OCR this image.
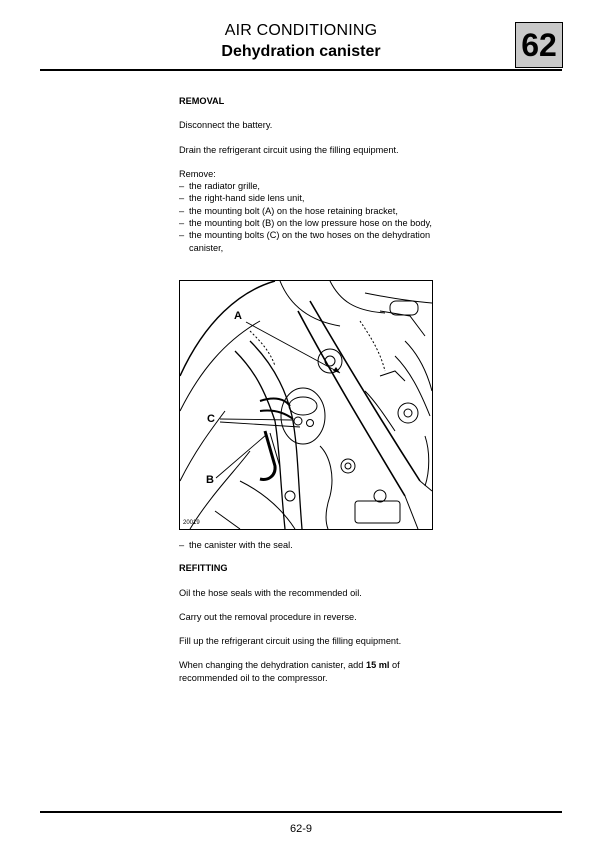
AIR CONDITIONING
Dehydration canister	62

REMOVAL

Disconnect the battery.

Drain the refrigerant circuit using the filling equipment.

Remove:

– the radiator grille,
– the right-hand side lens unit,
– the mounting bolt (A) on the hose retaining bracket,
– the mounting bolt (B) on the low pressure hose on the body,
– the mounting bolts (C) on the two hoses on the dehydration canister,
A
C
B
20019
– the canister with the seal.

REFITTING

Oil the hose seals with the recommended oil.

Carry out the removal procedure in reverse.

Fill up the refrigerant circuit using the filling equipment.

When changing the dehydration canister, add 15 ml of recommended oil to the compressor.

62-9
